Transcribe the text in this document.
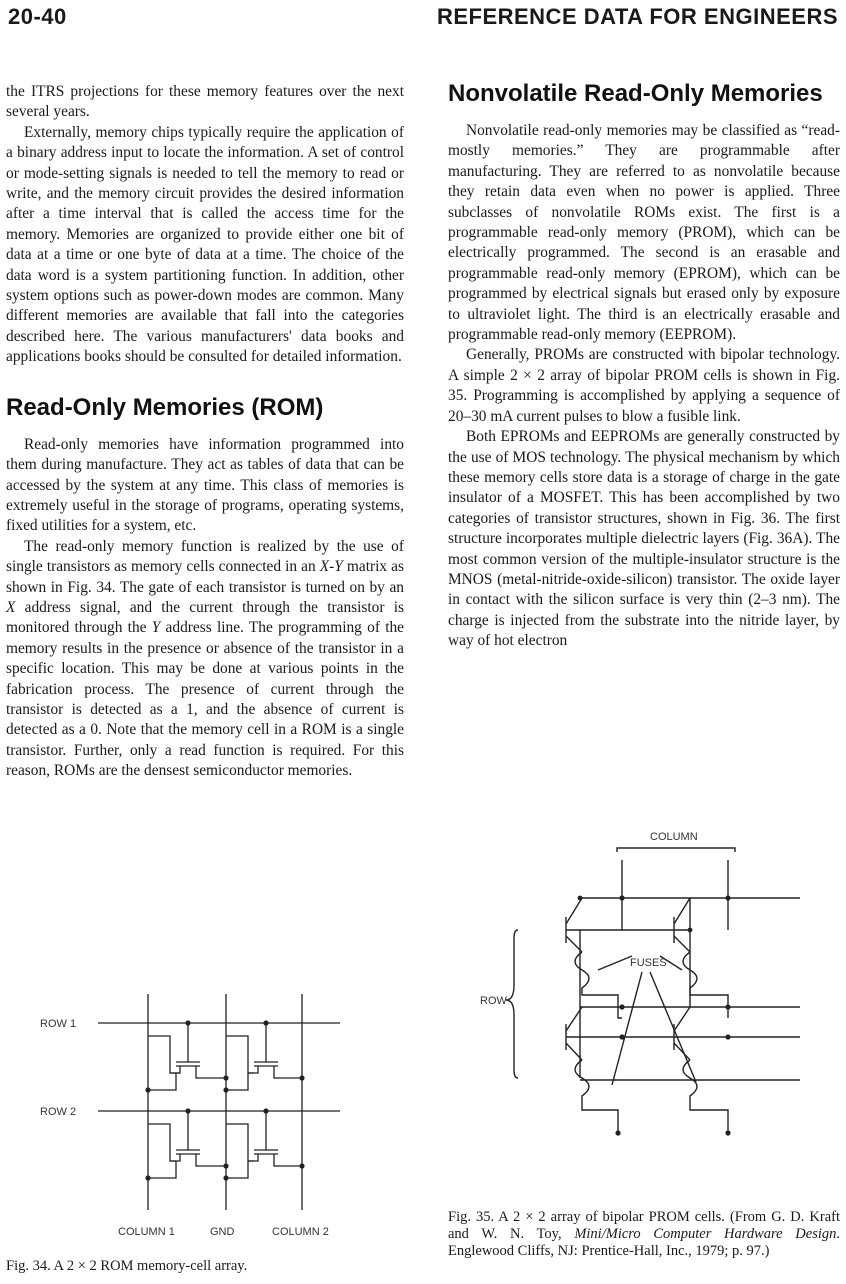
20-40	REFERENCE DATA FOR ENGINEERS

the ITRS projections for these memory features over the next several years.

Externally, memory chips typically require the application of a binary address input to locate the information. A set of control or mode-setting signals is needed to tell the memory to read or write, and the memory circuit provides the desired information after a time interval that is called the access time for the memory. Memories are organized to provide either one bit of data at a time or one byte of data at a time. The choice of the data word is a system partitioning function. In addition, other system options such as power-down modes are common. Many different memories are available that fall into the categories described here. The various manufacturers' data books and applications books should be consulted for detailed information.

Read-Only Memories (ROM)

Read-only memories have information programmed into them during manufacture. They act as tables of data that can be accessed by the system at any time. This class of memories is extremely useful in the storage of programs, operating systems, fixed utilities for a system, etc.

The read-only memory function is realized by the use of single transistors as memory cells connected in an X-Y matrix as shown in Fig. 34. The gate of each transistor is turned on by an X address signal, and the current through the transistor is monitored through the Y address line. The programming of the memory results in the presence or absence of the transistor in a specific location. This may be done at various points in the fabrication process. The presence of current through the transistor is detected as a 1, and the absence of current is detected as a 0. Note that the memory cell in a ROM is a single transistor. Further, only a read function is required. For this reason, ROMs are the densest semiconductor memories.

Nonvolatile Read-Only Memories

Nonvolatile read-only memories may be classified as “read-mostly memories.” They are programmable after manufacturing. They are referred to as nonvolatile because they retain data even when no power is applied. Three subclasses of nonvolatile ROMs exist. The first is a programmable read-only memory (PROM), which can be electrically programmed. The second is an erasable and programmable read-only memory (EPROM), which can be programmed by electrical signals but erased only by exposure to ultraviolet light. The third is an electrically erasable and programmable read-only memory (EEPROM).

Generally, PROMs are constructed with bipolar technology. A simple 2 × 2 array of bipolar PROM cells is shown in Fig. 35. Programming is accomplished by applying a sequence of 20–30 mA current pulses to blow a fusible link.

Both EPROMs and EEPROMs are generally constructed by the use of MOS technology. The physical mechanism by which these memory cells store data is a storage of charge in the gate insulator of a MOSFET. This has been accomplished by two categories of transistor structures, shown in Fig. 36. The first structure incorporates multiple dielectric layers (Fig. 36A). The most common version of the multiple-insulator structure is the MNOS (metal-nitride-oxide-silicon) transistor. The oxide layer in contact with the silicon surface is very thin (2–3 nm). The charge is injected from the substrate into the nitride layer, by way of hot electron

ROW 1
ROW 2
COLUMN 1	GND	COLUMN 2
COLUMN
FUSES
ROW
Fig. 34. A 2 × 2 ROM memory-cell array.
Fig. 35. A 2 × 2 array of bipolar PROM cells. (From G. D. Kraft and W. N. Toy, Mini/Micro Computer Hardware Design. Englewood Cliffs, NJ: Prentice-Hall, Inc., 1979; p. 97.)
